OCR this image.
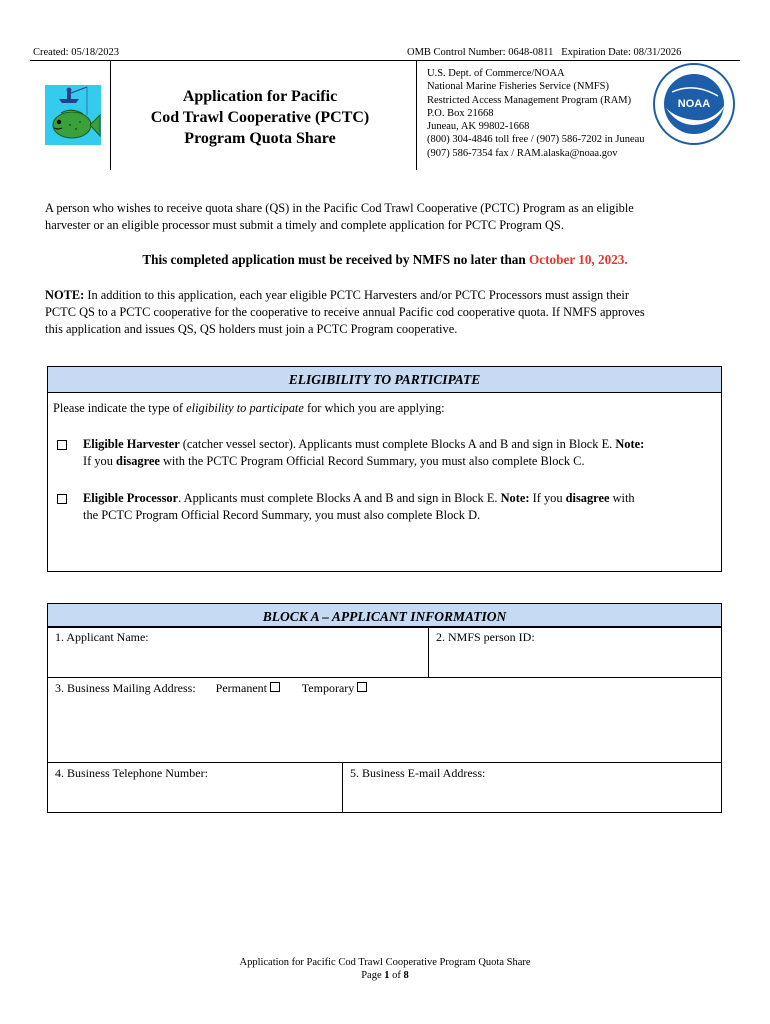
Created: 05/18/2023	OMB Control Number: 0648-0811   Expiration Date: 08/31/2026
Application for Pacific
Cod Trawl Cooperative (PCTC)
Program Quota Share
U.S. Dept. of Commerce/NOAA
National Marine Fisheries Service (NMFS)
Restricted Access Management Program (RAM)
P.O. Box 21668
Juneau, AK 99802-1668
(800) 304-4846 toll free / (907) 586-7202 in Juneau
(907) 586-7354 fax / RAM.alaska@noaa.gov
NOAA
A person who wishes to receive quota share (QS) in the Pacific Cod Trawl Cooperative (PCTC) Program as an eligible
harvester or an eligible processor must submit a timely and complete application for PCTC Program QS.
This completed application must be received by NMFS no later than October 10, 2023.
NOTE: In addition to this application, each year eligible PCTC Harvesters and/or PCTC Processors must assign their
PCTC QS to a PCTC cooperative for the cooperative to receive annual Pacific cod cooperative quota. If NMFS approves
this application and issues QS, QS holders must join a PCTC Program cooperative.
ELIGIBILITY TO PARTICIPATE
Please indicate the type of eligibility to participate for which you are applying:
Eligible Harvester (catcher vessel sector). Applicants must complete Blocks A and B and sign in Block E. Note:
If you disagree with the PCTC Program Official Record Summary, you must also complete Block C.
Eligible Processor. Applicants must complete Blocks A and B and sign in Block E. Note: If you disagree with
the PCTC Program Official Record Summary, you must also complete Block D.
BLOCK A – APPLICANT INFORMATION
1. Applicant Name:	2. NMFS person ID:
3. Business Mailing Address: Permanent	Temporary
4. Business Telephone Number:	5. Business E-mail Address:
Application for Pacific Cod Trawl Cooperative Program Quota Share
Page 1 of 8
